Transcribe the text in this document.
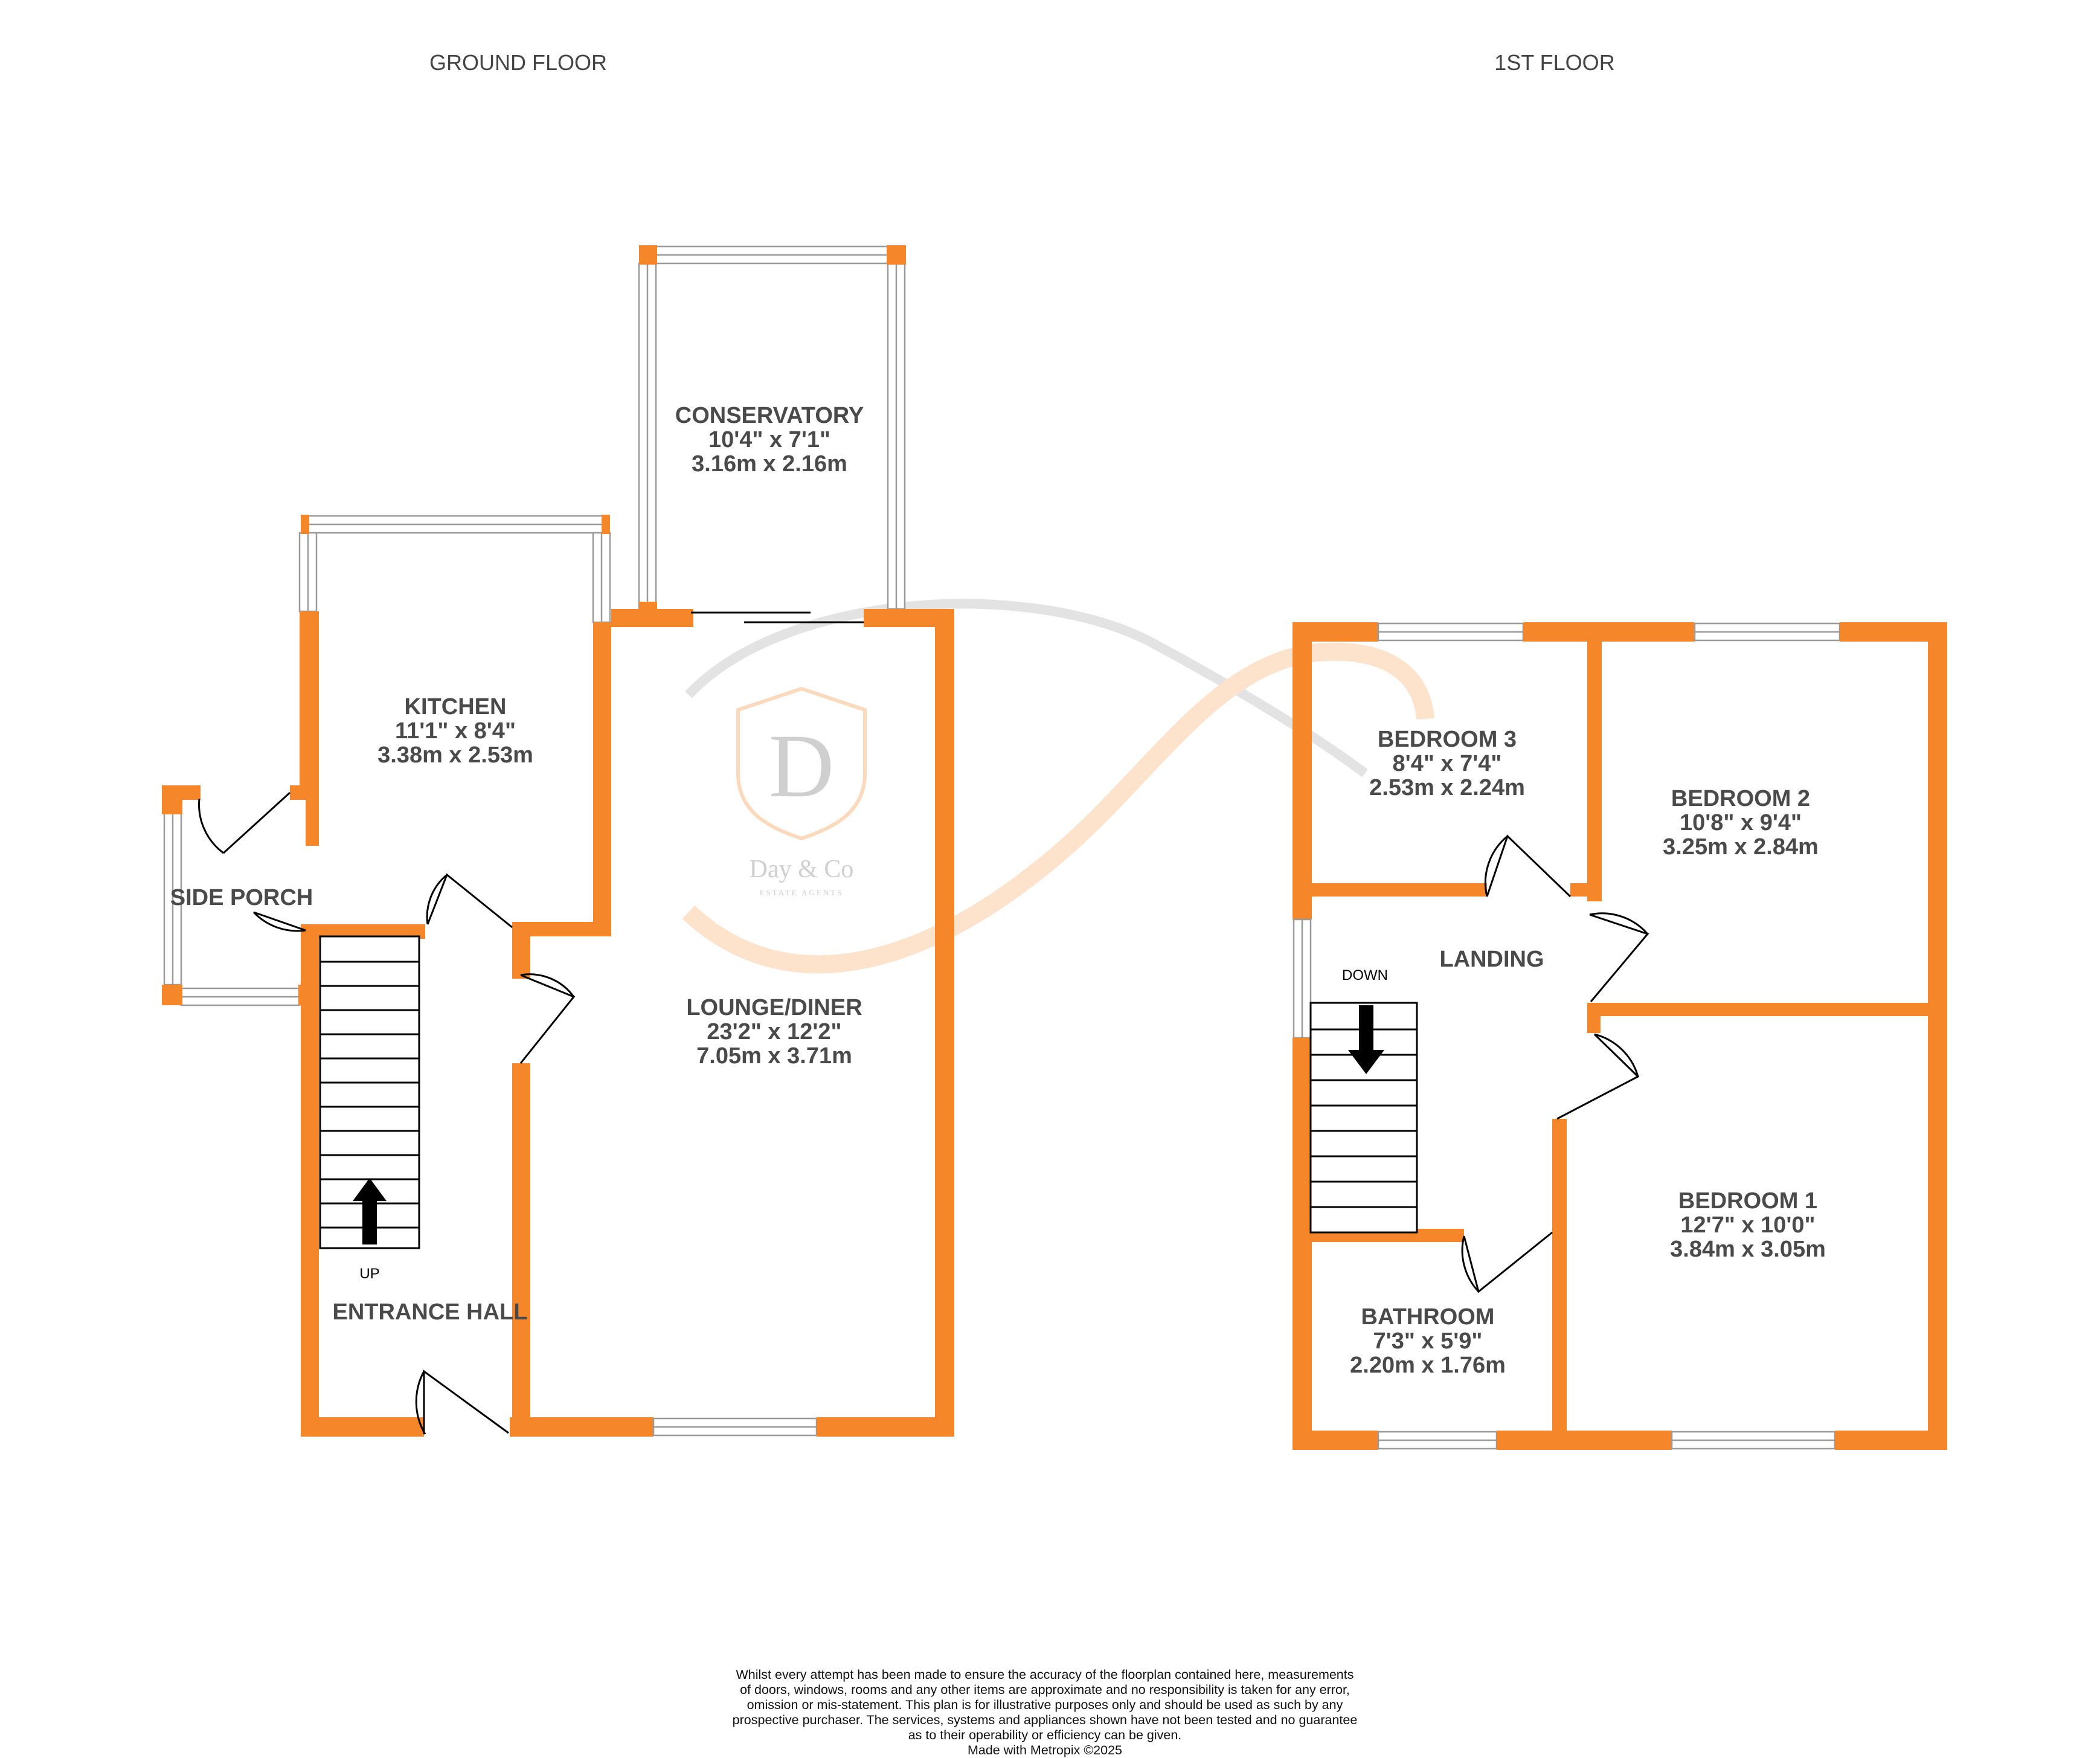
D
Day & Co
ESTATE AGENTS
GROUND FLOOR	1ST FLOOR
UP
CONSERVATORY
10'4" x 7'1"
3.16m x 2.16m
KITCHEN
11'1" x 8'4"
3.38m x 2.53m
SIDE PORCH
LOUNGE/DINER
23'2" x 12'2"
7.05m x 3.71m
ENTRANCE HALL
DOWN
BEDROOM 3
8'4" x 7'4"
2.53m x 2.24m	BEDROOM 2
10'8" x 9'4"
3.25m x 2.84m
LANDING
BEDROOM 1
12'7" x 10'0"
3.84m x 3.05m
BATHROOM
7'3" x 5'9"
2.20m x 1.76m
Whilst every attempt has been made to ensure the accuracy of the floorplan contained here, measurements
of doors, windows, rooms and any other items are approximate and no responsibility is taken for any error,
omission or mis-statement. This plan is for illustrative purposes only and should be used as such by any
prospective purchaser. The services, systems and appliances shown have not been tested and no guarantee
as to their operability or efficiency can be given.
Made with Metropix ©2025
